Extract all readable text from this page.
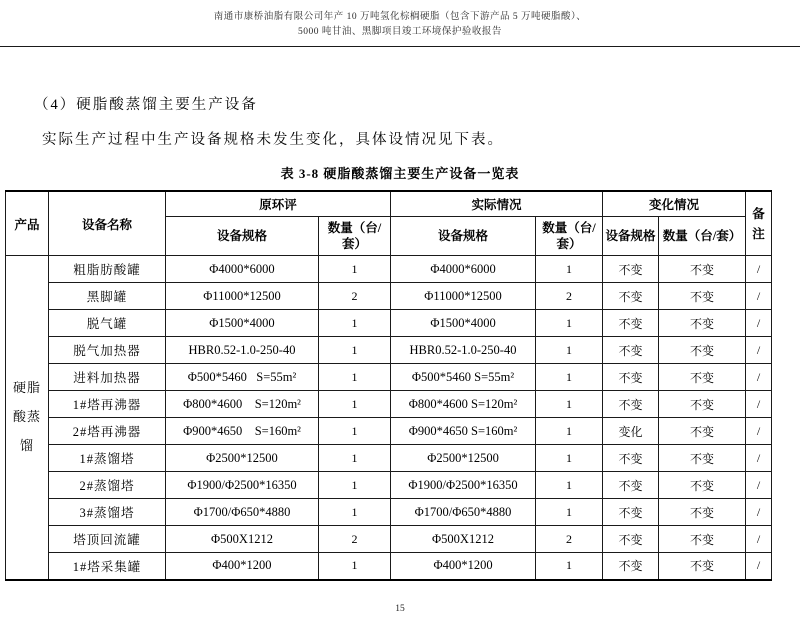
南通市康桥油脂有限公司年产 10 万吨氢化棕榈硬脂（包含下游产品 5 万吨硬脂酸）、
5000 吨甘油、黑脚项目竣工环境保护验收报告
（4）硬脂酸蒸馏主要生产设备
实际生产过程中生产设备规格未发生变化，具体设情况见下表。
表 3-8 硬脂酸蒸馏主要生产设备一览表
产品	设备名称	原环评		实际情况		变化情况		备注
		设备规格	数量（台/套）	设备规格	数量（台/套）	设备规格	数量（台/套）	
硬脂酸蒸馏	粗脂肪酸罐	Φ4000*6000	1	Φ4000*6000	1	不变	不变	/
	黑脚罐	Φ11000*12500	2	Φ11000*12500	2	不变	不变	/
	脱气罐	Φ1500*4000	1	Φ1500*4000	1	不变	不变	/
	脱气加热器	HBR0.52-1.0-250-40	1	HBR0.52-1.0-250-40	1	不变	不变	/
	进料加热器	Φ500*5460   S=55m²	1	Φ500*5460 S=55m²	1	不变	不变	/
	1#塔再沸器	Φ800*4600    S=120m²	1	Φ800*4600 S=120m²	1	不变	不变	/
	2#塔再沸器	Φ900*4650    S=160m²	1	Φ900*4650 S=160m²	1	变化	不变	/
	1#蒸馏塔	Φ2500*12500	1	Φ2500*12500	1	不变	不变	/
	2#蒸馏塔	Φ1900/Φ2500*16350	1	Φ1900/Φ2500*16350	1	不变	不变	/
	3#蒸馏塔	Φ1700/Φ650*4880	1	Φ1700/Φ650*4880	1	不变	不变	/
	塔顶回流罐	Φ500X1212	2	Φ500X1212	2	不变	不变	/
	1#塔采集罐	Φ400*1200	1	Φ400*1200	1	不变	不变	/
15
